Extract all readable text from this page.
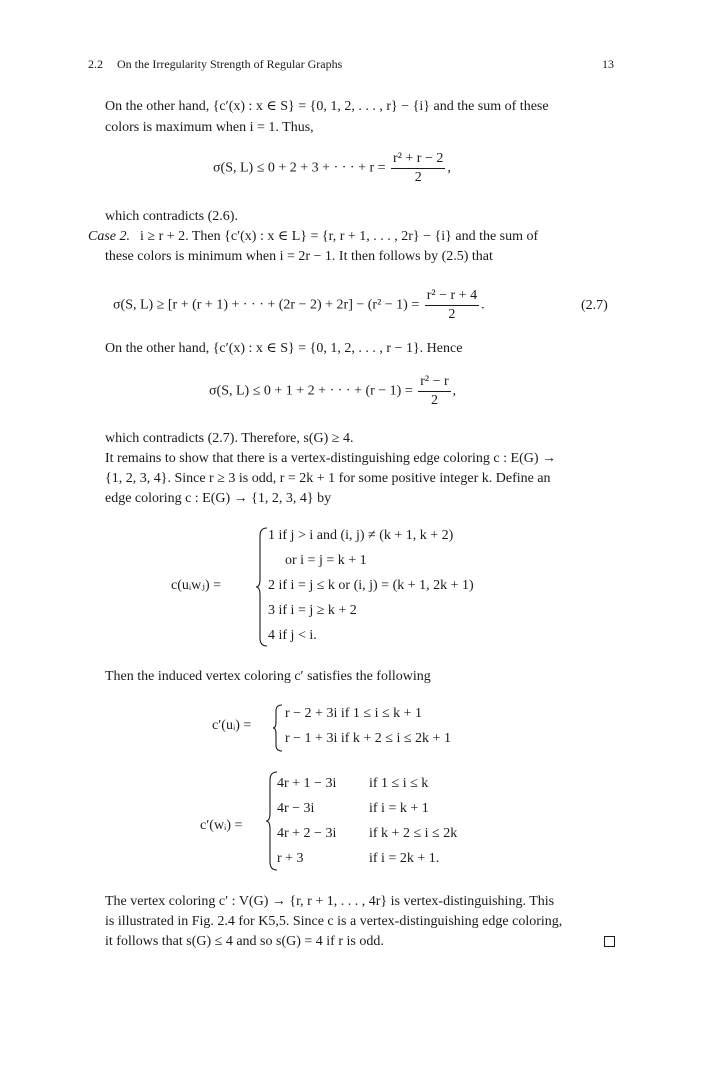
2.2 On the Irregularity Strength of Regular Graphs	13
On the other hand, {c′(x) : x ∈ S} = {0, 1, 2, . . . , r} − {i} and the sum of these
colors is maximum when i = 1. Thus,
σ(S, L) ≤ 0 + 2 + 3 + · · · + $r = \frac{\text{r² + r − 2}}{2}$ ,
which contradicts (2.6).
Case 2. i ≥ r + 2. Then {c′(x) : x ∈ L} = {r, r + 1, . . . , 2r} − {i} and the sum of
these colors is minimum when i = 2r − 1. It then follows by (2.5) that
σ(S, L) ≥ [r + (r + 1) + · · · + $(2r - 2) + 2r] - (r^2 - 1) = \frac{\text{r² − r + 4}}{2}$ .	(2.7)
On the other hand, {c′(x) : x ∈ S} = {0, 1, 2, . . . , r − 1}. Hence
σ(S, L) ≤ 0 + 1 + 2 + · · · + $(r - 1) = \frac{\text{r² − r}}{2}$ ,
which contradicts (2.7). Therefore, s(G) ≥ 4.
It remains to show that there is a vertex-distinguishing edge coloring c : E(G) →
{1, 2, 3, 4}. Since r ≥ 3 is odd, r = 2k + 1 for some positive integer k. Define an
edge coloring c : E(G) → {1, 2, 3, 4} by
c(uᵢwⱼ) =
1 if j > i and (i, j) ≠ (k + 1, k + 2)
or i = j = k + 1
2 if i = j ≤ k or (i, j) = (k + 1, 2k + 1)
3 if i = j ≥ k + 2
4 if j < i.
Then the induced vertex coloring c′ satisfies the following
c′(uᵢ) =
r − 2 + 3i if 1 ≤ i ≤ k + 1
r − 1 + 3i if k + 2 ≤ i ≤ 2k + 1
c′(wᵢ) =
4r + 1 − 3i if 1 ≤ i ≤ k
4r − 3i	if i = k + 1
4r + 2 − 3i if k + 2 ≤ i ≤ 2k
r + 3	if i = 2k + 1.
The vertex coloring c′ : V(G) → {r, r + 1, . . . , 4r} is vertex-distinguishing. This
is illustrated in Fig. 2.4 for K5,5. Since c is a vertex-distinguishing edge coloring,
it follows that s(G) ≤ 4 and so s(G) = 4 if r is odd.
